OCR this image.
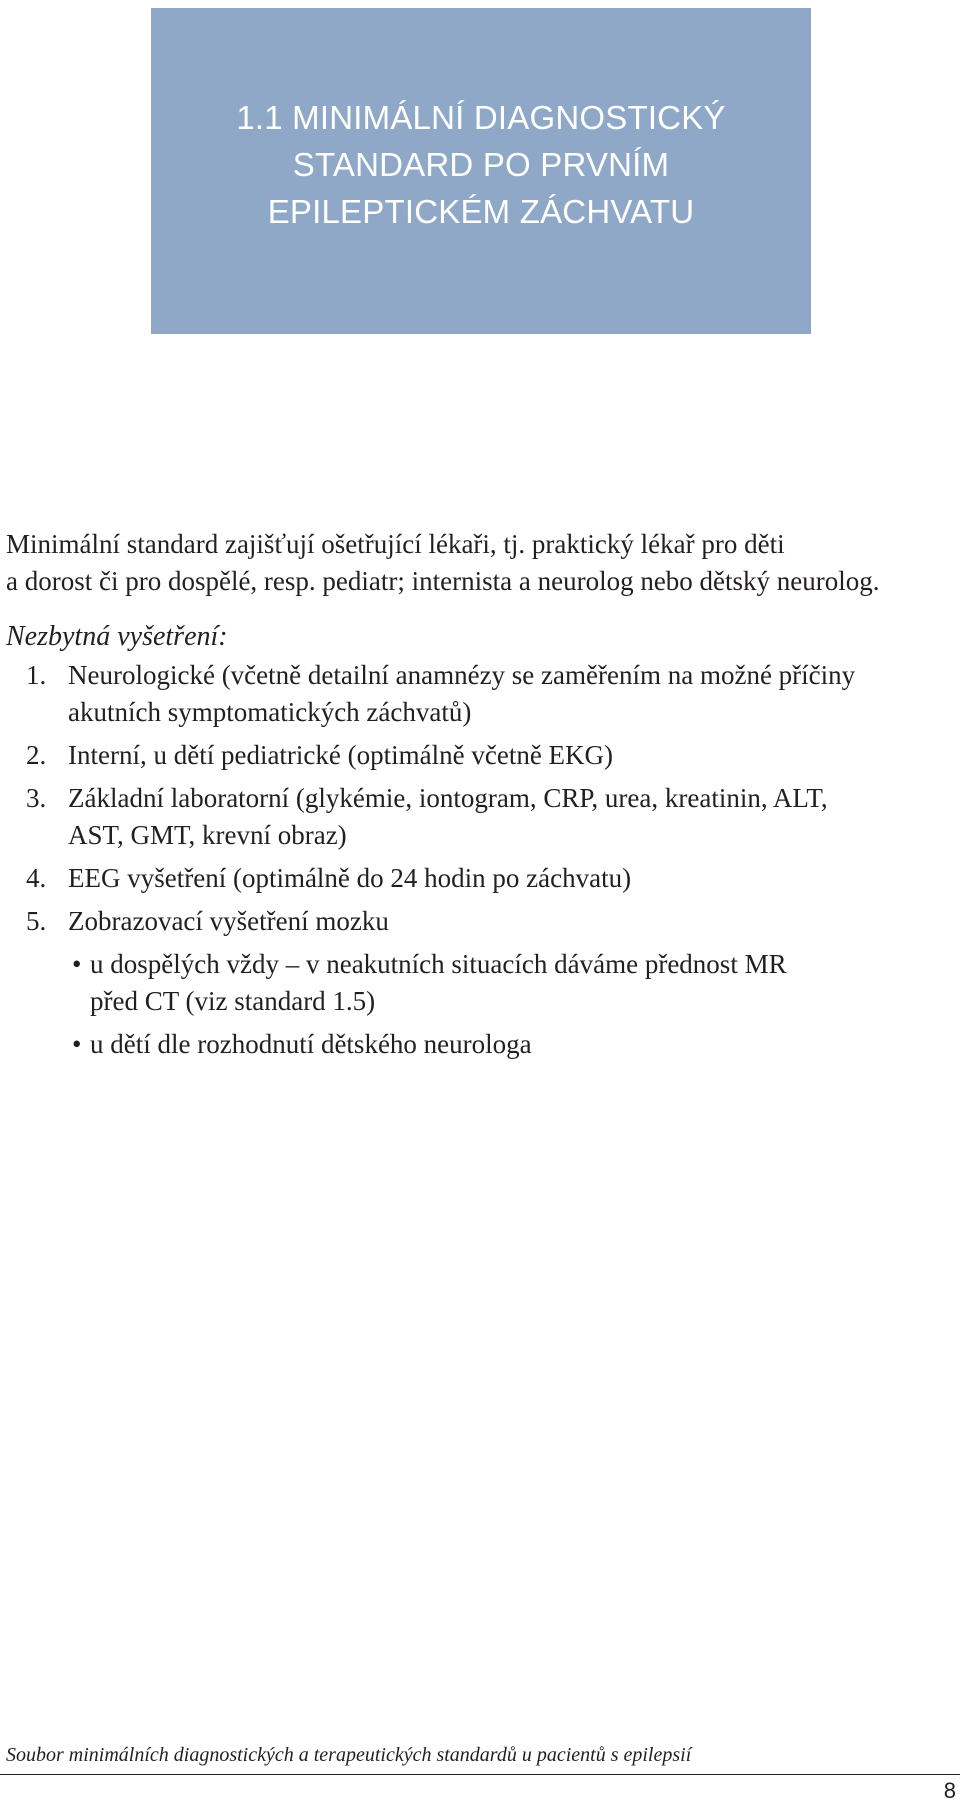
1.1 MINIMÁLNÍ DIAGNOSTICKÝ
STANDARD PO PRVNÍM
EPILEPTICKÉM ZÁCHVATU

Minimální standard zajišťují ošetřující lékaři, tj. praktický lékař pro děti
a dorost či pro dospělé, resp. pediatr; internista a neurolog nebo dětský neurolog.

Nezbytná vyšetření:
1. Neurologické (včetně detailní anamnézy se zaměřením na možné příčiny
akutních symptomatických záchvatů)
2. Interní, u dětí pediatrické (optimálně včetně EKG)
3. Základní laboratorní (glykémie, iontogram, CRP, urea, kreatinin, ALT,
AST, GMT, krevní obraz)
4. EEG vyšetření (optimálně do 24 hodin po záchvatu)
5. Zobrazovací vyšetření mozku
• u dospělých vždy – v neakutních situacích dáváme přednost MR
před CT (viz standard 1.5)
• u dětí dle rozhodnutí dětského neurologa
Soubor minimálních diagnostických a terapeutických standardů u pacientů s epilepsií
8
